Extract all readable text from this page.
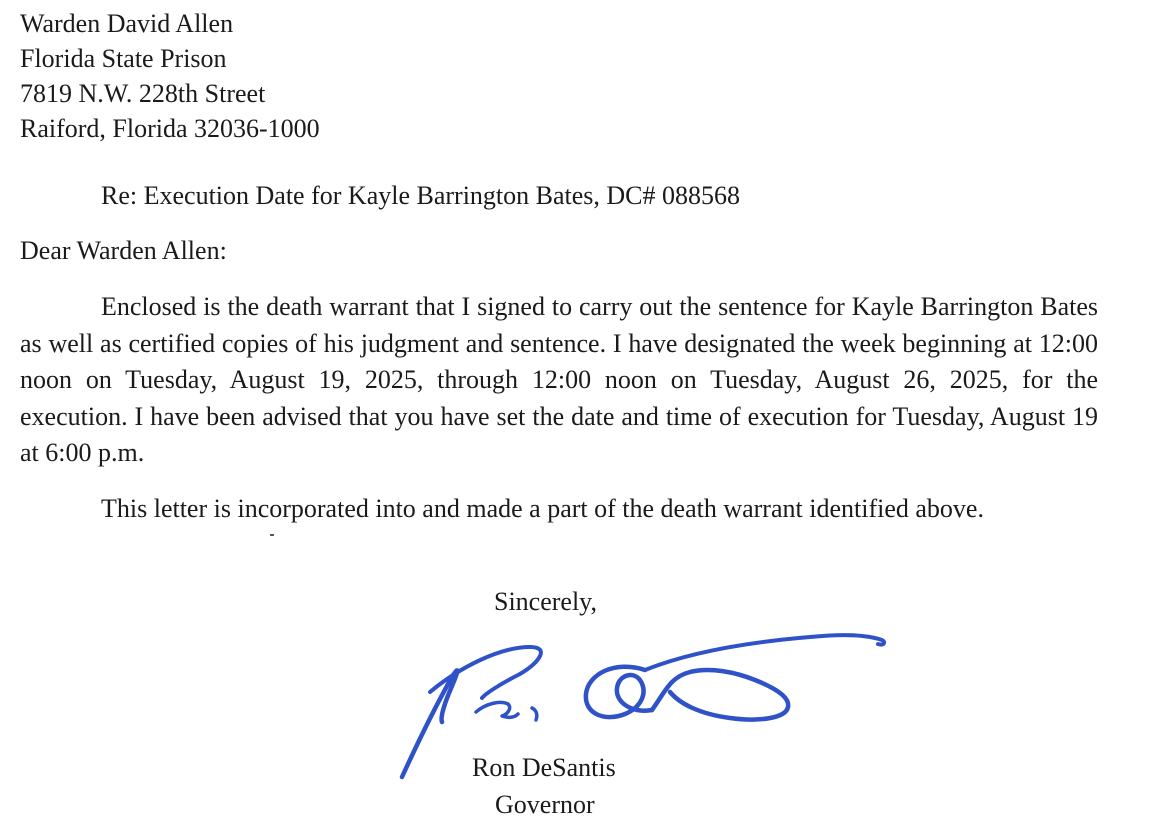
Warden David Allen
Florida State Prison
7819 N.W. 228th Street
Raiford, Florida 32036-1000
Re: Execution Date for Kayle Barrington Bates, DC# 088568
Dear Warden Allen:

Enclosed is the death warrant that I signed to carry out the sentence for Kayle Barrington Bates as well as certified copies of his judgment and sentence. I have designated the week beginning at 12:00 noon on Tuesday, August 19, 2025, through 12:00 noon on Tuesday, August 26, 2025, for the execution. I have been advised that you have set the date and time of execution for Tuesday, August 19 at 6:00 p.m.

This letter is incorporated into and made a part of the death warrant identified above.

Sincerely,
Ron DeSantis
Governor
